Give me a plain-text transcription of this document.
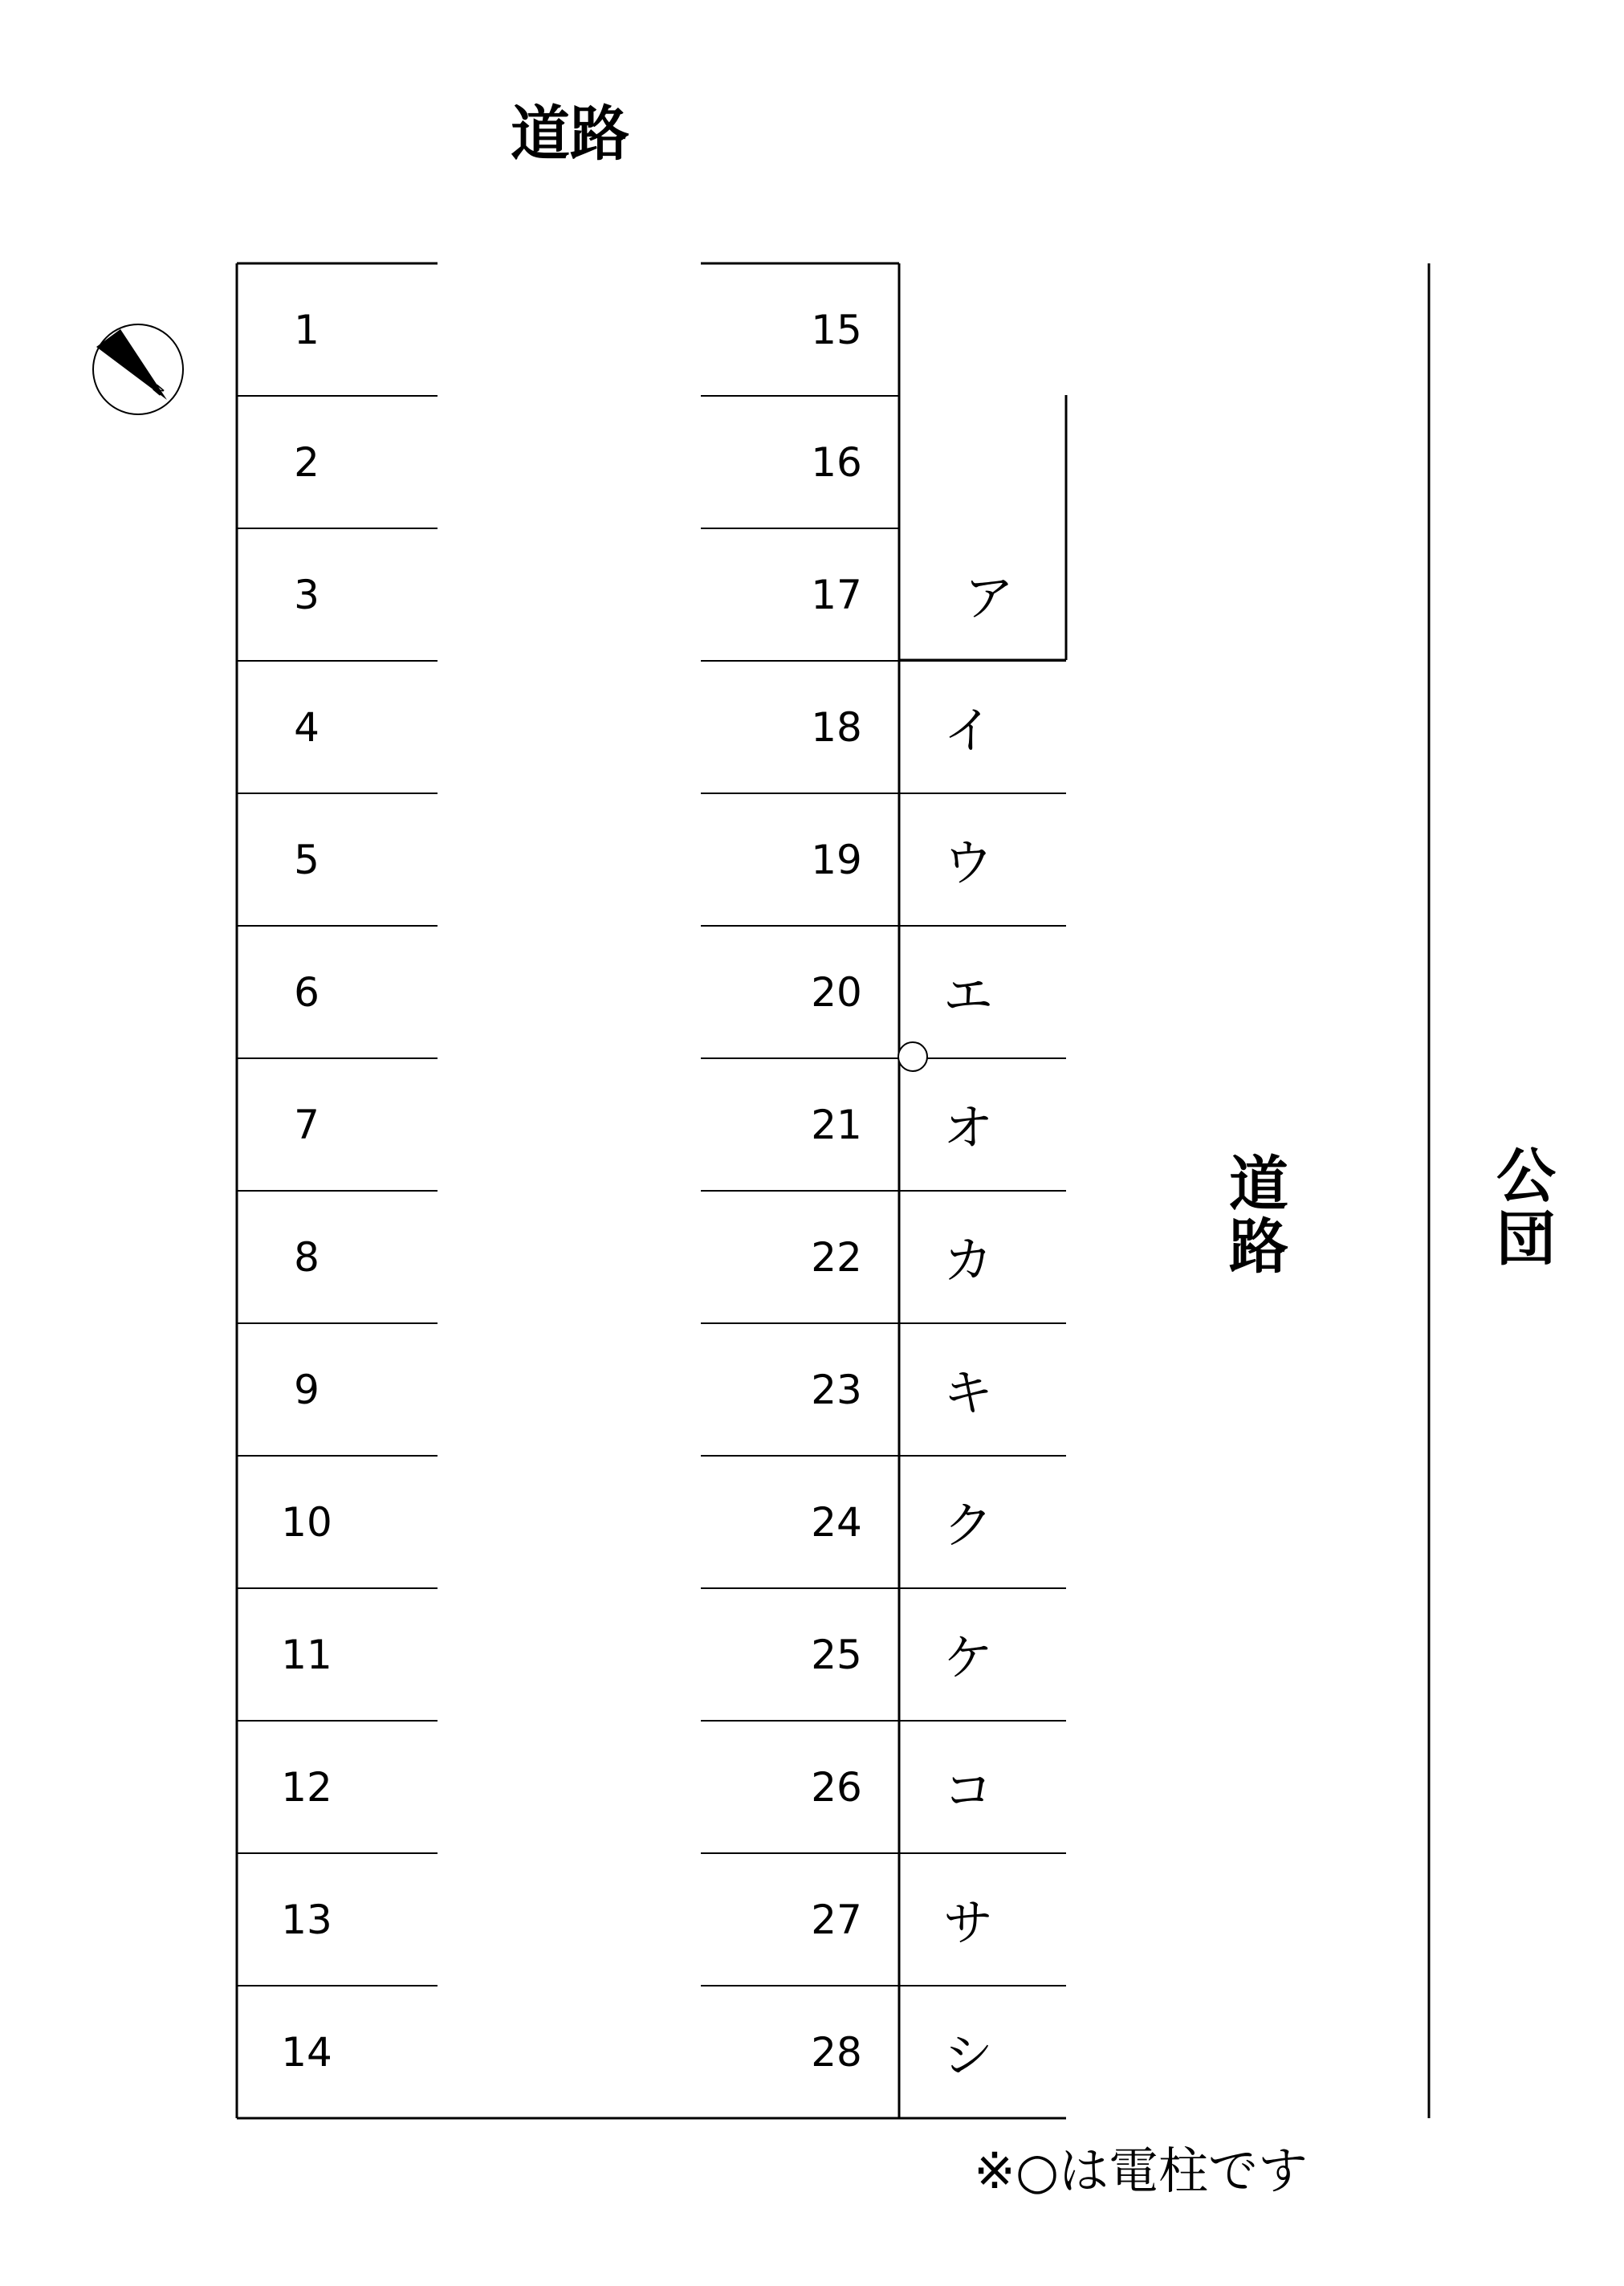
N
道路
道
路
公
団
※○は電柱です
1
2
3
4
5
6
7
8
9
10
11
12
13
14
15
16
17
18
19
20
21
22
23
24
25
26
27
28
ア
イ
ウ
エ
オ
カ
キ
ク
ケ
コ
サ
シ
